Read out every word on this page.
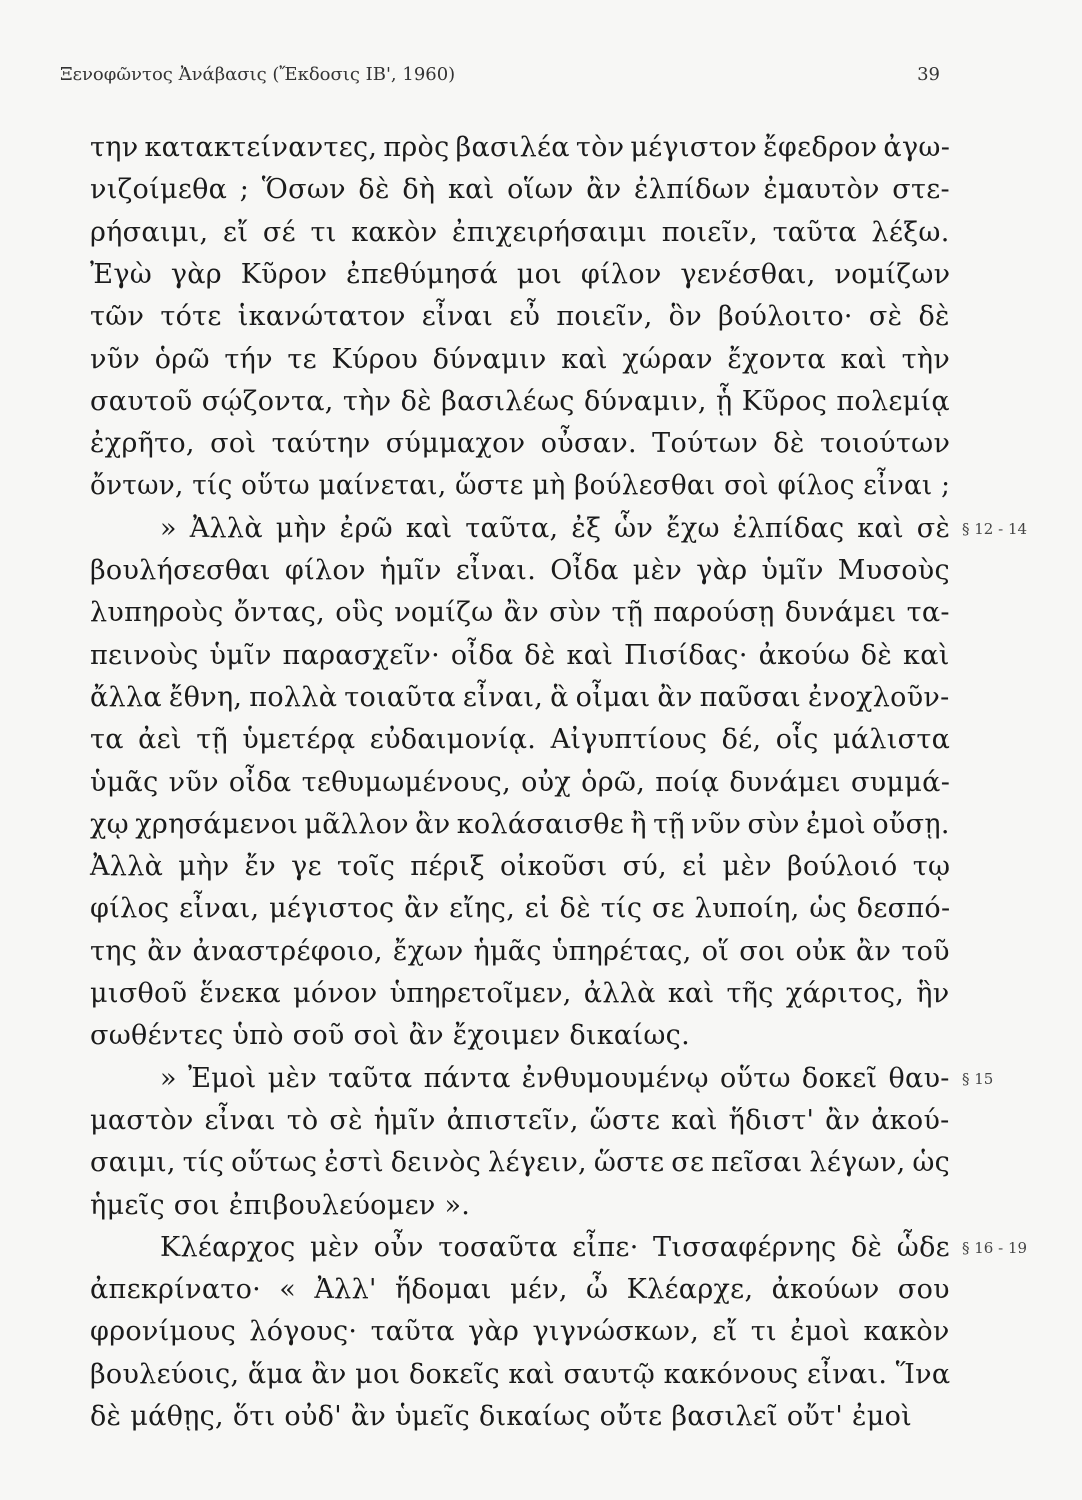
Ξενοφῶντος Ἀνάβασις (Ἔκδοσις ΙΒ', 1960)	39
την κατακτείναντες, πρὸς βασιλέα τὸν μέγιστον ἔφεδρον ἀγω-
νιζοίμεθα ; Ὅσων δὲ δὴ καὶ οἵων ἂν ἐλπίδων ἐμαυτὸν στε-
ρήσαιμι, εἴ σέ τι κακὸν ἐπιχειρήσαιμι ποιεῖν, ταῦτα λέξω.
Ἐγὼ γὰρ Κῦρον ἐπεθύμησά μοι φίλον γενέσθαι, νομίζων
τῶν τότε ἱκανώτατον εἶναι εὖ ποιεῖν, ὃν βούλοιτο· σὲ δὲ
νῦν ὁρῶ τήν τε Κύρου δύναμιν καὶ χώραν ἔχοντα καὶ τὴν
σαυτοῦ σῴζοντα, τὴν δὲ βασιλέως δύναμιν, ᾗ Κῦρος πολεμίᾳ
ἐχρῆτο, σοὶ ταύτην σύμμαχον οὖσαν. Τούτων δὲ τοιούτων
ὄντων, τίς οὕτω μαίνεται, ὥστε μὴ βούλεσθαι σοὶ φίλος εἶναι ;
» Ἀλλὰ μὴν ἐρῶ καὶ ταῦτα, ἐξ ὧν ἔχω ἐλπίδας καὶ σὲ
βουλήσεσθαι φίλον ἡμῖν εἶναι. Οἶδα μὲν γὰρ ὑμῖν Μυσοὺς
λυπηροὺς ὄντας, οὓς νομίζω ἂν σὺν τῇ παρούσῃ δυνάμει τα-
πεινοὺς ὑμῖν παρασχεῖν· οἶδα δὲ καὶ Πισίδας· ἀκούω δὲ καὶ
ἄλλα ἔθνη, πολλὰ τοιαῦτα εἶναι, ἃ οἶμαι ἂν παῦσαι ἐνοχλοῦν-
τα ἀεὶ τῇ ὑμετέρᾳ εὐδαιμονίᾳ. Αἰγυπτίους δέ, οἷς μάλιστα
ὑμᾶς νῦν οἶδα τεθυμωμένους, οὐχ ὁρῶ, ποίᾳ δυνάμει συμμά-
χῳ χρησάμενοι μᾶλλον ἂν κολάσαισθε ἢ τῇ νῦν σὺν ἐμοὶ οὔσῃ.
Ἀλλὰ μὴν ἔν γε τοῖς πέριξ οἰκοῦσι σύ, εἰ μὲν βούλοιό τῳ
φίλος εἶναι, μέγιστος ἂν εἴης, εἰ δὲ τίς σε λυποίη, ὡς δεσπό-
της ἂν ἀναστρέφοιο, ἔχων ἡμᾶς ὑπηρέτας, οἵ σοι οὐκ ἂν τοῦ
μισθοῦ ἕνεκα μόνον ὑπηρετοῖμεν, ἀλλὰ καὶ τῆς χάριτος, ἣν
σωθέντες ὑπὸ σοῦ σοὶ ἂν ἔχοιμεν δικαίως.
» Ἐμοὶ μὲν ταῦτα πάντα ἐνθυμουμένῳ οὕτω δοκεῖ θαυ-
μαστὸν εἶναι τὸ σὲ ἡμῖν ἀπιστεῖν, ὥστε καὶ ἥδιστ' ἂν ἀκού-
σαιμι, τίς οὕτως ἐστὶ δεινὸς λέγειν, ὥστε σε πεῖσαι λέγων, ὡς
ἡμεῖς σοι ἐπιβουλεύομεν ».
Κλέαρχος μὲν οὖν τοσαῦτα εἶπε· Τισσαφέρνης δὲ ὧδε
ἀπεκρίνατο· « Ἀλλ' ἥδομαι μέν, ὦ Κλέαρχε, ἀκούων σου
φρονίμους λόγους· ταῦτα γὰρ γιγνώσκων, εἴ τι ἐμοὶ κακὸν
βουλεύοις, ἅμα ἂν μοι δοκεῖς καὶ σαυτῷ κακόνους εἶναι. Ἵνα
δὲ μάθῃς, ὅτι οὐδ' ἂν ὑμεῖς δικαίως οὔτε βασιλεῖ οὔτ' ἐμοὶ
§ 12 - 14
§ 15
§ 16 - 19
